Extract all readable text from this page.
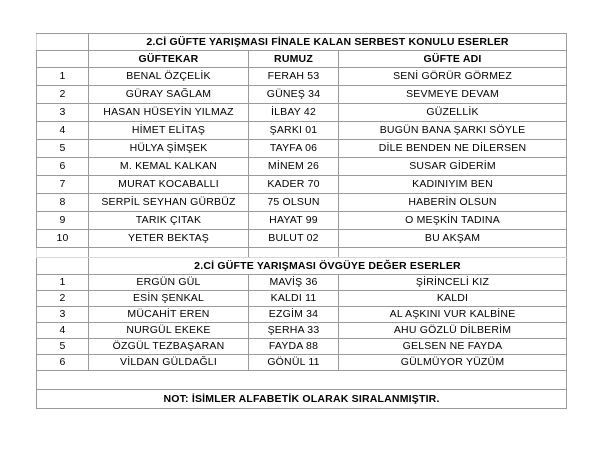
	2.Cİ GÜFTE YARIŞMASI FİNALE KALAN SERBEST KONULU ESERLER		
	GÜFTEKAR	RUMUZ	GÜFTE ADI
1	BENAL ÖZÇELİK	FERAH 53	SENİ GÖRÜR GÖRMEZ
2	GÜRAY SAĞLAM	GÜNEŞ 34	SEVMEYE DEVAM
3	HASAN HÜSEYİN YILMAZ	İLBAY 42	GÜZELLİK
4	HİMET ELİTAŞ	ŞARKI 01	BUGÜN BANA ŞARKI SÖYLE
5	HÜLYA ŞİMŞEK	TAYFA 06	DİLE BENDEN NE DİLERSEN
6	M. KEMAL KALKAN	MİNEM 26	SUSAR GİDERİM
7	MURAT KOCABALLI	KADER 70	KADINIYIM BEN
8	SERPİL SEYHAN GÜRBÜZ	75 OLSUN	HABERİN OLSUN
9	TARIK ÇITAK	HAYAT 99	O MEŞKİN TADINA
10	YETER BEKTAŞ	BULUT 02	BU AKŞAM

	2.Cİ GÜFTE YARIŞMASI ÖVGÜYE DEĞER ESERLER		
1	ERGÜN GÜL	MAVİŞ 36	ŞİRİNCELİ KIZ
2	ESİN ŞENKAL	KALDI 11	KALDI
3	MÜCAHİT EREN	EZGİM 34	AL AŞKINI VUR KALBİNE
4	NURGÜL EKEKE	ŞERHA 33	AHU GÖZLÜ DİLBERİM
5	ÖZGÜL TEZBAŞARAN	FAYDA 88	GELSEN NE FAYDA
6	VİLDAN GÜLDAĞLI	GÖNÜL 11	GÜLMÜYOR YÜZÜM

NOT: İSİMLER ALFABETİK OLARAK SIRALANMIŞTIR.			
